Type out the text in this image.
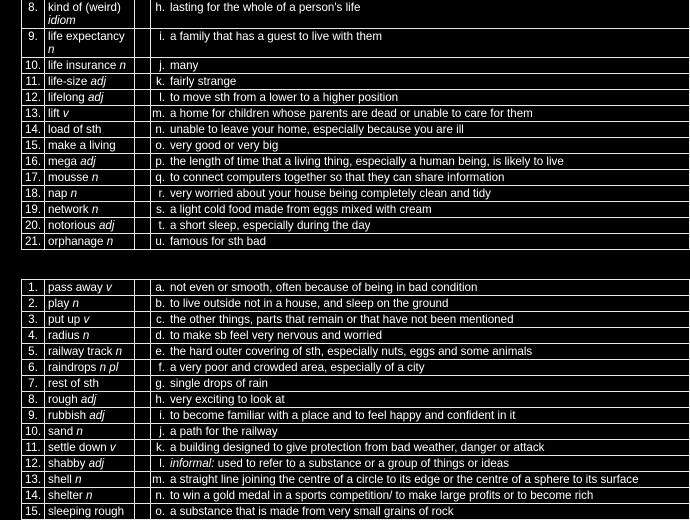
8.	kind of (weird) idiom		h.	lasting for the whole of a person's life
9.	life expectancy n		i.	a family that has a guest to live with them
10.	life insurance n		j.	many
11.	life-size adj		k.	fairly strange
12.	lifelong adj		l.	to move sth from a lower to a higher position
13.	lift v		m.	a home for children whose parents are dead or unable to care for them
14.	load of sth		n.	unable to leave your home, especially because you are ill
15.	make a living		o.	very good or very big
16.	mega adj		p.	the length of time that a living thing, especially a human being, is likely to live
17.	mousse n		q.	to connect computers together so that they can share information
18.	nap n		r.	very worried about your house being completely clean and tidy
19.	network n		s.	a light cold food made from eggs mixed with cream
20.	notorious adj		t.	a short sleep, especially during the day
21.	orphanage n		u.	famous for sth bad
1.	pass away v		a.	not even or smooth, often because of being in bad condition
2.	play n		b.	to live outside not in a house, and sleep on the ground
3.	put up v		c.	the other things, parts that remain or that have not been mentioned
4.	radius n		d.	to make sb feel very nervous and worried
5.	railway track n		e.	the hard outer covering of sth, especially nuts, eggs and some animals
6.	raindrops n pl		f.	a very poor and crowded area, especially of a city
7.	rest of sth		g.	single drops of rain
8.	rough adj		h.	very exciting to look at
9.	rubbish adj		i.	to become familiar with a place and to feel happy and confident in it
10.	sand n		j.	a path for the railway
11.	settle down v		k.	a building designed to give protection from bad weather, danger or attack
12.	shabby adj		l.	informal: used to refer to a substance or a group of things or ideas
13.	shell n		m.	a straight line joining the centre of a circle to its edge or the centre of a sphere to its surface
14.	shelter n		n.	to win a gold medal in a sports competition/ to make large profits or to become rich
15.	sleeping rough		o.	a substance that is made from very small grains of rock
